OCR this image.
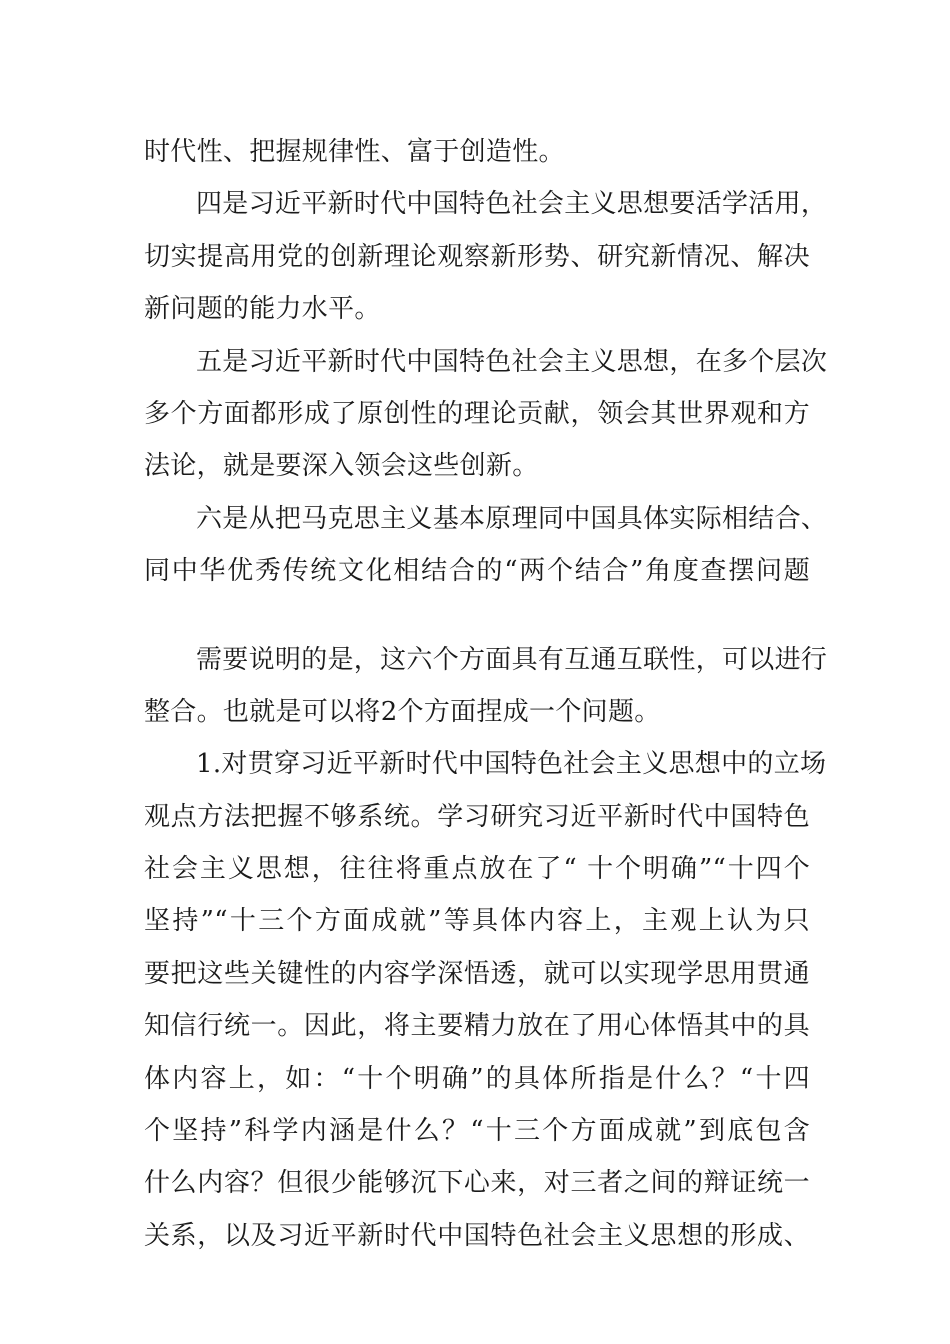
时代性、把握规律性、富于创造性。
四是习近平新时代中国特色社会主义思想要活学活用，
切实提高用党的创新理论观察新形势、研究新情况、解决
新问题的能力水平。
五是习近平新时代中国特色社会主义思想，在多个层次
多个方面都形成了原创性的理论贡献，领会其世界观和方
法论，就是要深入领会这些创新。
六是从把马克思主义基本原理同中国具体实际相结合、
同中华优秀传统文化相结合的“两个结合”角度查摆问题
需要说明的是，这六个方面具有互通互联性，可以进行
整合。也就是可以将2个方面捏成一个问题。
1.对贯穿习近平新时代中国特色社会主义思想中的立场
观点方法把握不够系统。学习研究习近平新时代中国特色
社会主义思想，往往将重点放在了“ 十个明确”“十四个
坚持”“十三个方面成就”等具体内容上，主观上认为只
要把这些关键性的内容学深悟透，就可以实现学思用贯通
知信行统一。因此，将主要精力放在了用心体悟其中的具
体内容上，如：“十个明确”的具体所指是什么？“十四
个坚持”科学内涵是什么？“十三个方面成就”到底包含
什么内容？但很少能够沉下心来，对三者之间的辩证统一
关系，以及习近平新时代中国特色社会主义思想的形成、
